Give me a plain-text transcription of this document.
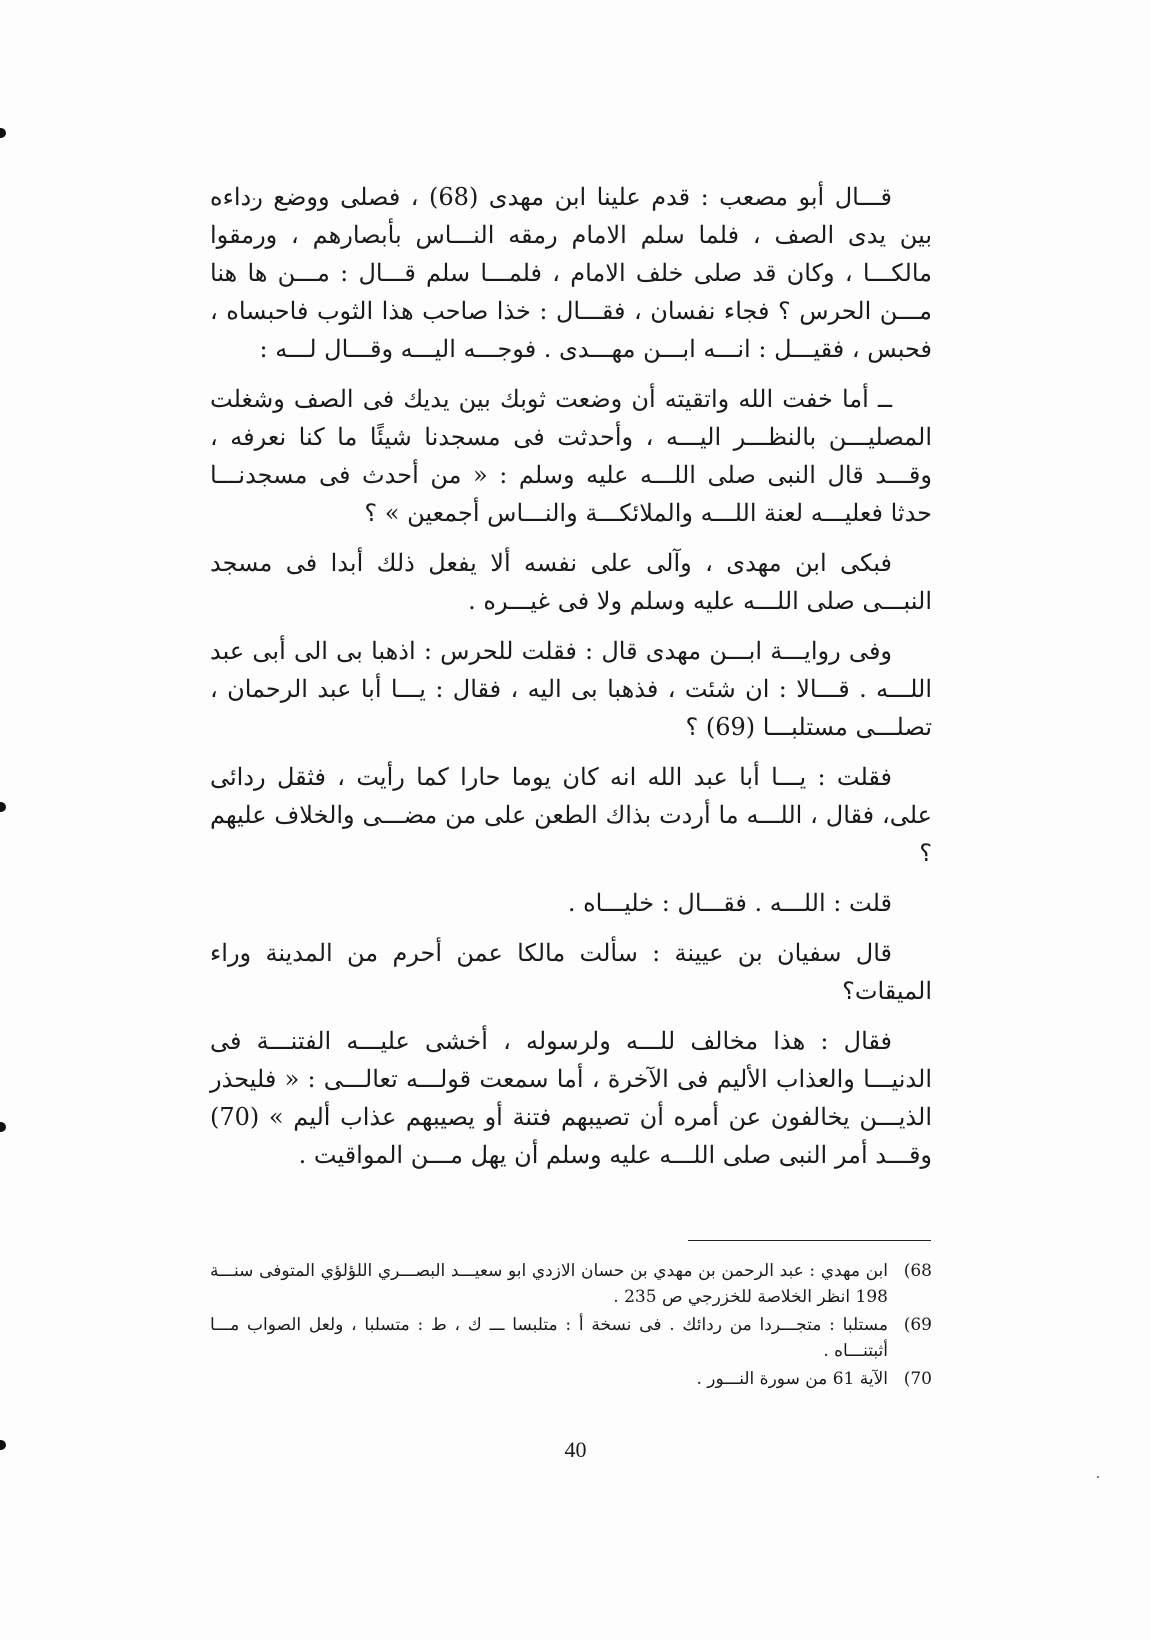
قـــال أبو مصعب : قدم علينا ابن مهدى (68) ، فصلى ووضع رداءه بين يدى الصف ، فلما سلم الامام رمقه النـــاس بأبصارهم ، ورمقوا مالكـــا ، وكان قد صلى خلف الامام ، فلمـــا سلم قـــال : مـــن ها هنا مـــن الحرس ؟ فجاء نفسان ، فقـــال : خذا صاحب هذا الثوب فاحبساه ، فحبس ، فقيـــل : انـــه ابـــن مهـــدى . فوجـــه اليـــه وقـــال لـــه :

ــ أما خفت الله واتقيته أن وضعت ثوبك بين يديك فى الصف وشغلت المصليـــن بالنظـــر اليـــه ، وأحدثت فى مسجدنا شيئًا ما كنا نعرفه ، وقـــد قال النبى صلى اللـــه عليه وسلم : « من أحدث فى مسجدنـــا حدثا فعليـــه لعنة اللـــه والملائكـــة والنـــاس أجمعين » ؟

فبكى ابن مهدى ، وآلى على نفسه ألا يفعل ذلك أبدا فى مسجد النبـــى صلى اللـــه عليه وسلم ولا فى غيـــره .

وفى روايـــة ابـــن مهدى قال : فقلت للحرس : اذهبا بى الى أبى عبد اللـــه . قـــالا : ان شئت ، فذهبا بى اليه ، فقال : يـــا أبا عبد الرحمان ، تصلـــى مستلبـــا (69) ؟

فقلت : يـــا أبا عبد الله انه كان يوما حارا كما رأيت ، فثقل ردائى على، فقال ، اللـــه ما أردت بذاك الطعن على من مضـــى والخلاف عليهم ؟

قلت : اللـــه . فقـــال : خليـــاه .

قال سفيان بن عيينة : سألت مالكا عمن أحرم من المدينة وراء الميقات؟

فقال : هذا مخالف للـــه ولرسوله ، أخشى عليـــه الفتنـــة فى الدنيـــا والعذاب الأليم فى الآخرة ، أما سمعت قولـــه تعالـــى : « فليحذر الذيـــن يخالفون عن أمره أن تصيبهم فتنة أو يصيبهم عذاب أليم » (70) وقـــد أمر النبى صلى اللـــه عليه وسلم أن يهل مـــن المواقيت .

(68
ابن مهدي : عبد الرحمن بن مهدي بن حسان الازدي ابو سعيـــد البصـــري اللؤلؤي المتوفى سنـــة 198 انظر الخلاصة للخزرجي ص 235 .
(69
مستلبا : متجـــردا من ردائك . فى نسخة أ : متلبسا ـــ ك ، ط : متسلبا ، ولعل الصواب مـــا أثبتنـــاه .
(70
الآية 61 من سورة النـــور .
40
